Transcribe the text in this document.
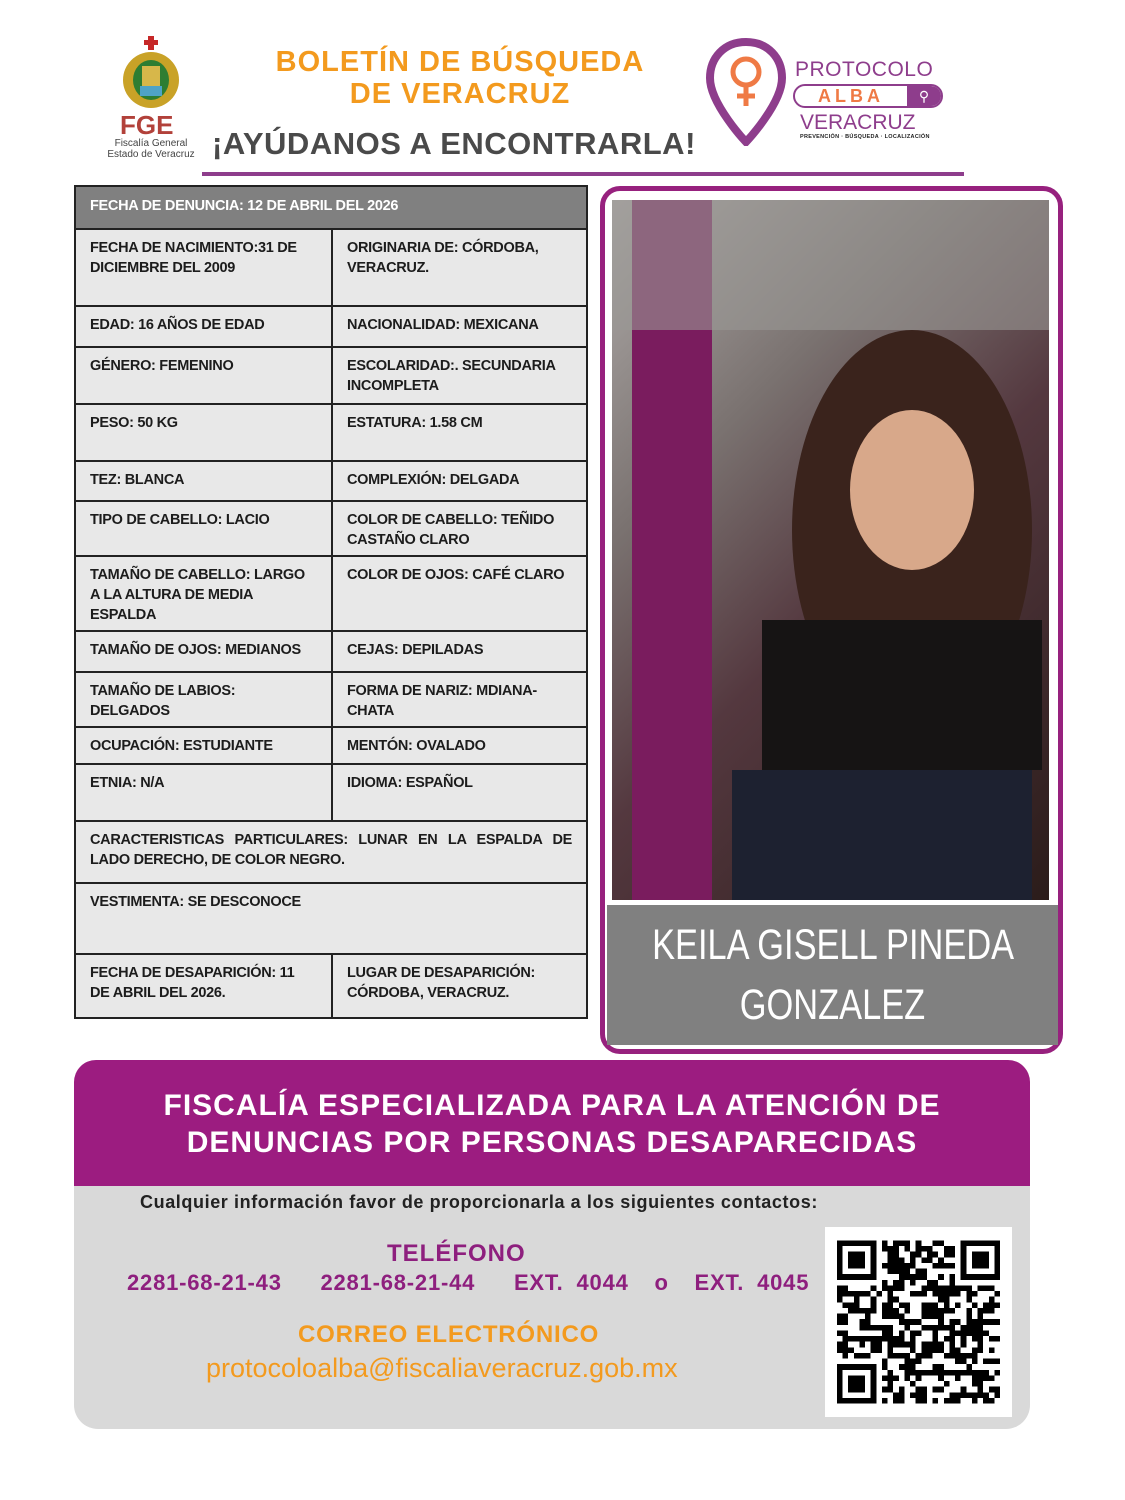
FGE
Fiscalía General
Estado de Veracruz
BOLETÍN DE BÚSQUEDA
DE VERACRUZ
¡AYÚDANOS A ENCONTRARLA!
PROTOCOLO
ALBA	⚲
VERACRUZ
PREVENCIÓN · BÚSQUEDA · LOCALIZACIÓN
FECHA DE DENUNCIA: 12 DE ABRIL DEL 2026	
FECHA DE NACIMIENTO:31 DE DICIEMBRE DEL 2009	ORIGINARIA DE: CÓRDOBA, VERACRUZ.
EDAD: 16 AÑOS DE EDAD	NACIONALIDAD: MEXICANA
GÉNERO: FEMENINO	ESCOLARIDAD:. SECUNDARIA INCOMPLETA
PESO: 50 KG	ESTATURA: 1.58 CM
TEZ: BLANCA	COMPLEXIÓN: DELGADA
TIPO DE CABELLO: LACIO	COLOR DE CABELLO: TEÑIDO CASTAÑO CLARO
TAMAÑO DE CABELLO: LARGO A LA ALTURA DE MEDIA ESPALDA	COLOR DE OJOS: CAFÉ CLARO
TAMAÑO DE OJOS: MEDIANOS	CEJAS: DEPILADAS
TAMAÑO DE LABIOS: DELGADOS	FORMA DE NARIZ: MDIANA-CHATA
OCUPACIÓN: ESTUDIANTE	MENTÓN: OVALADO
ETNIA: N/A	IDIOMA: ESPAÑOL
CARACTERISTICAS PARTICULARES: LUNAR EN LA ESPALDA DE LADO DERECHO, DE COLOR NEGRO.	
VESTIMENTA: SE DESCONOCE	
FECHA DE DESAPARICIÓN: 11 DE ABRIL DEL 2026.	LUGAR DE DESAPARICIÓN: CÓRDOBA, VERACRUZ.
KEILA GISELL PINEDA
GONZALEZ
FISCALÍA ESPECIALIZADA PARA LA ATENCIÓN DE
DENUNCIAS POR PERSONAS DESAPARECIDAS
Cualquier información favor de proporcionarla a los siguientes contactos:
TELÉFONO
2281-68-21-43   2281-68-21-44   EXT. 4044  o  EXT. 4045
CORREO ELECTRÓNICO
protocoloalba@fiscaliaveracruz.gob.mx
